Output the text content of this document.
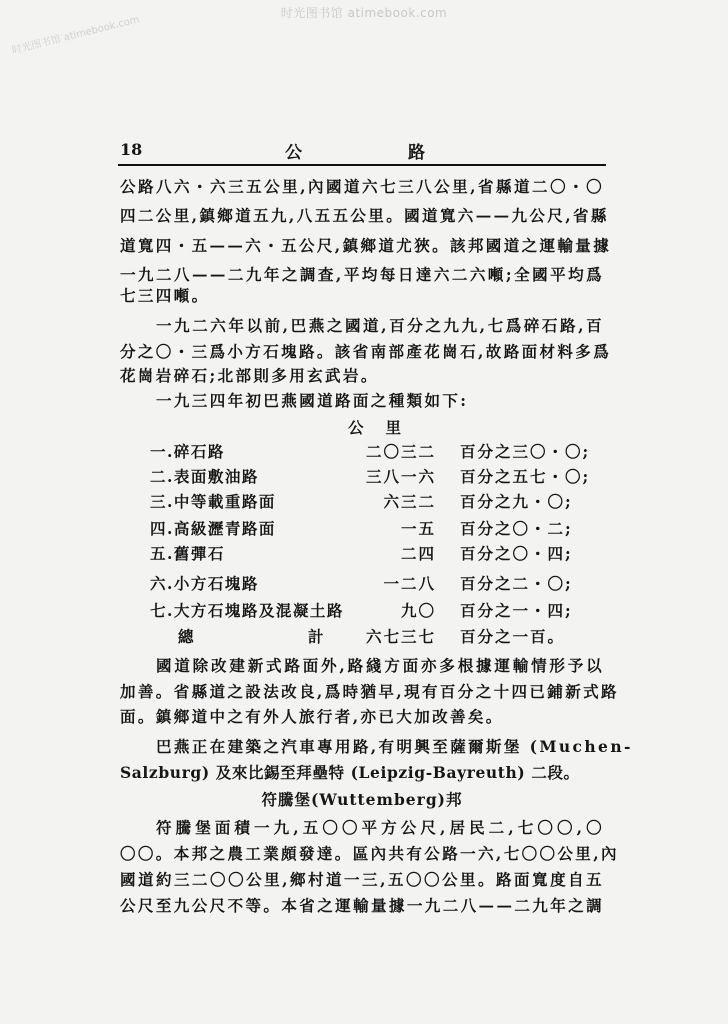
时光图书馆 atimebook.com
时光图书馆 atimebook.com
18	公	路
公路八六・六三五公里,內國道六七三八公里,省縣道二〇・〇
四二公里,鎮鄉道五九,八五五公里。國道寬六——九公尺,省縣
道寬四・五——六・五公尺,鎮鄉道尤狹。該邦國道之運輸量據
一九二八——二九年之調查,平均每日達六二六噸;全國平均爲
七三四噸。
一九二六年以前,巴燕之國道,百分之九九,七爲碎石路,百
分之〇・三爲小方石塊路。該省南部產花崗石,故路面材料多爲
花崗岩碎石;北部則多用玄武岩。
一九三四年初巴燕國道路面之種類如下:
公里
一.碎石路	二〇三二 百分之三〇・〇;
二.表面敷油路	三八一六 百分之五七・〇;
三.中等載重路面	六三二 百分之九・〇;
四.高級瀝青路面	一五 百分之〇・二;
五.舊彈石	二四 百分之〇・四;
六.小方石塊路	一二八 百分之二・〇;
七.大方石塊路及混凝土路	九〇 百分之一・四;
總	計	六七三七 百分之一百。
國道除改建新式路面外,路綫方面亦多根據運輸情形予以
加善。省縣道之設法改良,爲時猶早,現有百分之十四已鋪新式路
面。鎮鄉道中之有外人旅行者,亦已大加改善矣。
巴燕正在建築之汽車專用路,有明興至薩爾斯堡 (Muchen-
Salzburg) 及來比錫至拜壘特 (Leipzig-Bayreuth) 二段。
符騰堡(Wuttemberg)邦
符騰堡面積一九,五〇〇平方公尺,居民二,七〇〇,〇
〇〇。本邦之農工業頗發達。區內共有公路一六,七〇〇公里,內
國道約三二〇〇公里,鄉村道一三,五〇〇公里。路面寬度自五
公尺至九公尺不等。本省之運輸量據一九二八——二九年之調
